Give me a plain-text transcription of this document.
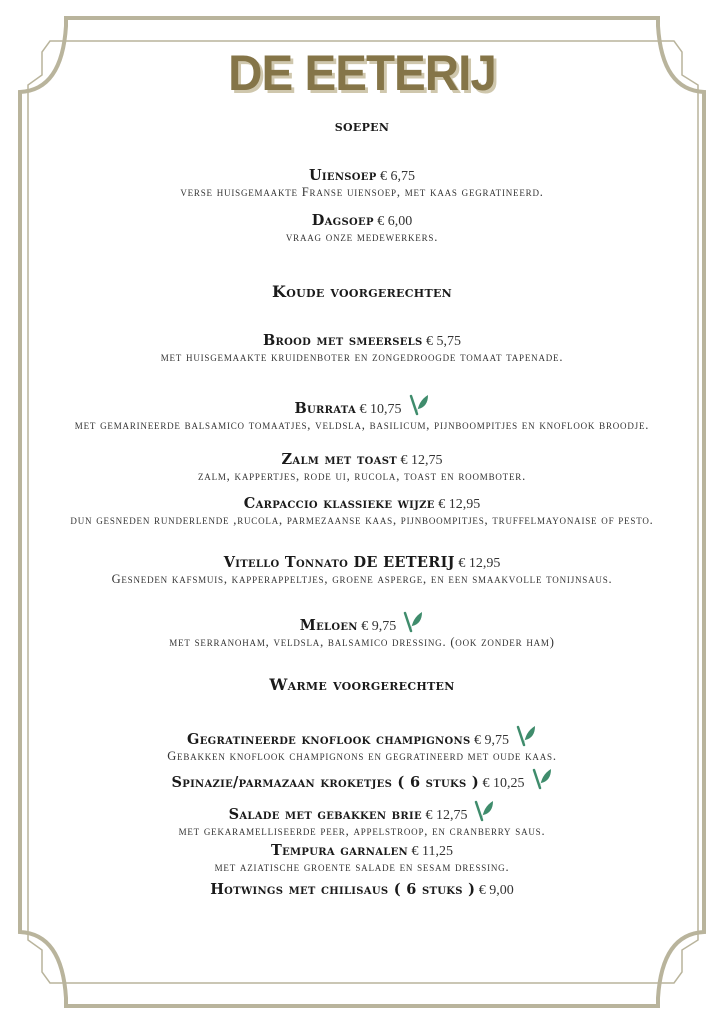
DE EETERIJ
soepen
Uiensoep € 6,75
verse huisgemaakte Franse uiensoep, met kaas gegratineerd.
Dagsoep € 6,00
vraag onze medewerkers.
Koude voorgerechten
Brood met smeersels € 5,75
met huisgemaakte kruidenboter en zongedroogde tomaat tapenade.
Burrata € 10,75
met gemarineerde balsamico tomaatjes, veldsla, basilicum, pijnboompitjes en knoflook broodje.
Zalm met toast € 12,75
zalm, kappertjes, rode ui, rucola, toast en roomboter.
Carpaccio klassieke wijze € 12,95
dun gesneden runderlende ,rucola, parmezaanse kaas, pijnboompitjes, truffelmayonaise of pesto.
Vitello Tonnato DE EETERIJ € 12,95
Gesneden kafsmuis, kapperappeltjes, groene asperge, en een smaakvolle tonijnsaus.
Meloen € 9,75
met serranoham, veldsla, balsamico dressing. (ook zonder ham)
Warme voorgerechten
Gegratineerde knoflook champignons € 9,75
Gebakken knoflook champignons en gegratineerd met oude kaas.
Spinazie/parmazaan kroketjes ( 6 stuks ) € 10,25
Salade met gebakken brie € 12,75
met gekaramelliseerde peer, appelstroop, en cranberry saus.
Tempura garnalen € 11,25
met aziatische groente salade en sesam dressing.
Hotwings met chilisaus ( 6 stuks ) € 9,00
